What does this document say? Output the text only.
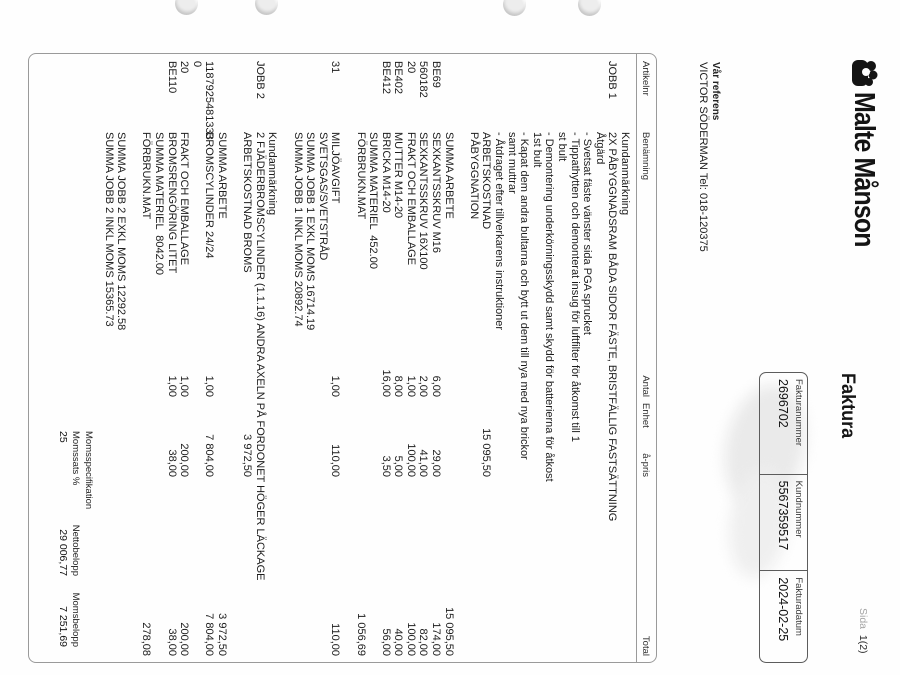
Malte Månson
Faktura
Sida  1(2)
Fakturanummer
2696702
Kundnummer
5567359517
Fakturadatum
2024-02-25
Vår referens
VICTOR SÖDERMAN Tel: 018-120375
Artikelnr
Benämning
Antal
Enhet
å-pris
Total
Kundanmärkning
JOBB 1
2X PÅBYGGNADSRAM BÅDA SIDOR FÄSTE, BRISTFÄLLIG FASTSÄTTNING
Åtgärd
- Svetsat fäste vänster sida PGA sprucket
- Tippathytten och demonterat insug för luftfilter för åtkomst till 1
st bult
- Demontering underkörningsskydd samt skydd för batterierna för åtkost
1st bult
- Kapat dem andra bultarna och bytt ut dem till nya med nya brickor
samt muttrar
- Åtdraget efter tillverkarens instruktioner
ARBETSKOSTNAD
15 095,50
PÅBYGGNATION
SUMMA ARBETE
15 095,50
BE69
SEXKANTSSKRUV M16
6,00
29,00
174,00
560182
SEXKANTSSKRUV 16X100
2,00
41,00
82,00
20
FRAKT OCH EMBALLAGE
1,00
100,00
100,00
BE402
MUTTER M14-20
8,00
5,00
40,00
BE412
BRICKA M14-20
16,00
3,50
56,00
SUMMA MATERIEL  452.00
FÖRBRUKN.MAT
1 056,69
31
MILJÖAVGIFT
1,00
110,00
110,00
SVETSGAS/SVETSTRÅD
SUMMA JOBB 1 EXKL MOMS 16714.19
SUMMA JOBB 1 INKL MOMS 20892.74
Kundanmärkning
JOBB 2
2 FJÄDERBROMSCYLINDER (1.1.16) ANDRA AXELN PÅ FORDONET HÖGER LÄCKAGE
ARBETSKOSTNAD BROMS
3 972,50
SUMMA ARBETE
3 972,50
1187925481333
BROMSCYLINDER 24/24
1,00
7 804,00
7 804,00
0
20
FRAKT OCH EMBALLAGE
1,00
200,00
200,00
BE110
BROMSRENGÖRING LITET
1,00
38,00
38,00
SUMMA MATERIEL  8042.00
FÖRBRUKN.MAT
278,08
SUMMA JOBB 2 EXKL MOMS 12292.58
SUMMA JOBB 2 INKL MOMS 15365.73
Momsspecifikation
Momssats %
25
Nettobelopp
29 006,77
Momsbelopp
7 251,69
